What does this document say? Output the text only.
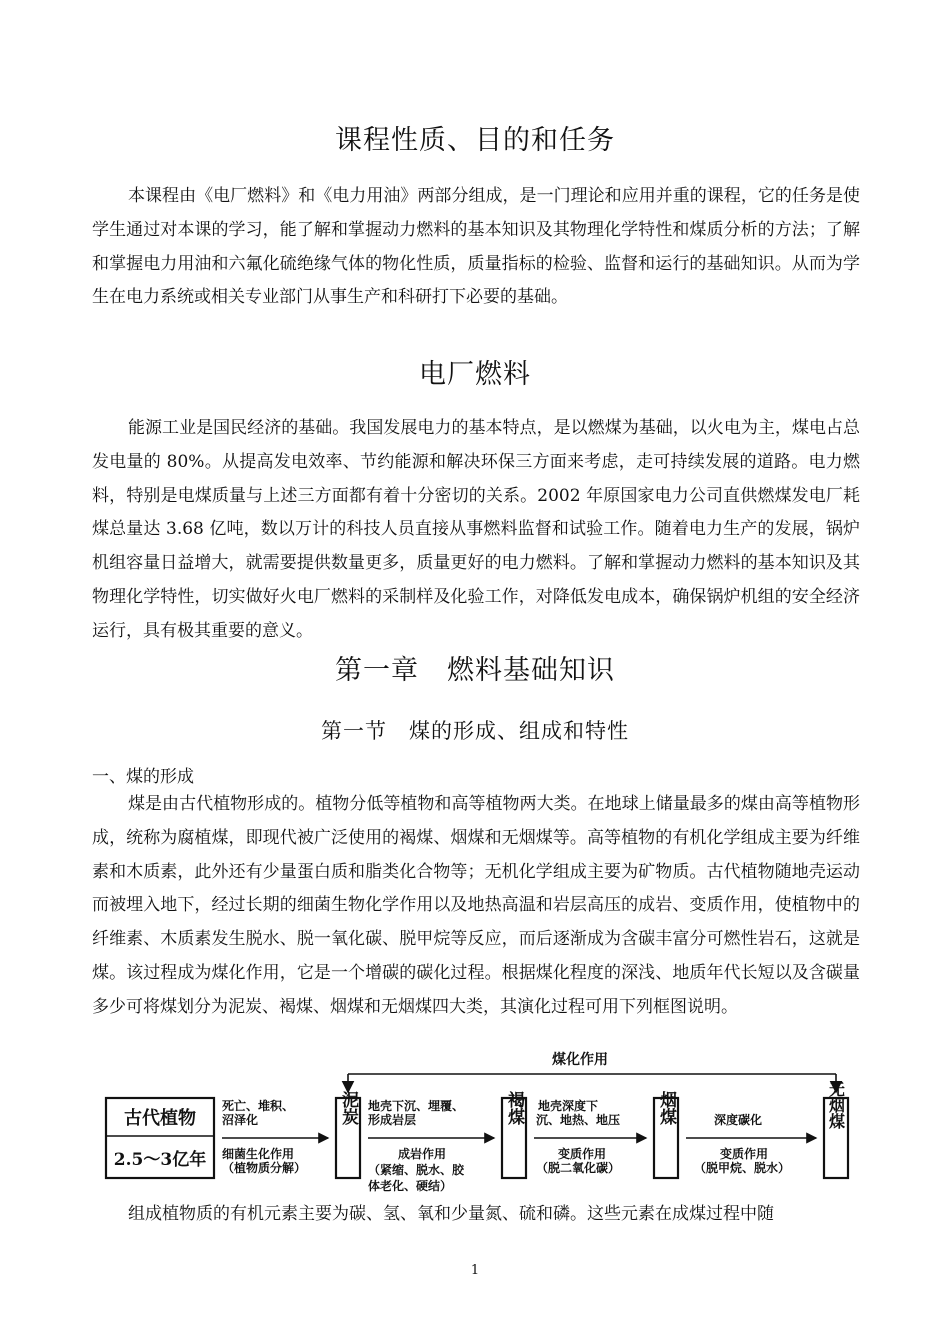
课程性质、目的和任务

本课程由《电厂燃料》和《电力用油》两部分组成，是一门理论和应用并重的课程，它的任务是使学生通过对本课的学习，能了解和掌握动力燃料的基本知识及其物理化学特性和煤质分析的方法；了解和掌握电力用油和六氟化硫绝缘气体的物化性质，质量指标的检验、监督和运行的基础知识。从而为学生在电力系统或相关专业部门从事生产和科研打下必要的基础。

电厂燃料

能源工业是国民经济的基础。我国发展电力的基本特点，是以燃煤为基础，以火电为主，煤电占总发电量的 80%。从提高发电效率、节约能源和解决环保三方面来考虑，走可持续发展的道路。电力燃料，特别是电煤质量与上述三方面都有着十分密切的关系。2002 年原国家电力公司直供燃煤发电厂耗煤总量达 3.68 亿吨，数以万计的科技人员直接从事燃料监督和试验工作。随着电力生产的发展，锅炉机组容量日益增大，就需要提供数量更多，质量更好的电力燃料。了解和掌握动力燃料的基本知识及其物理化学特性，切实做好火电厂燃料的采制样及化验工作，对降低发电成本，确保锅炉机组的安全经济运行，具有极其重要的意义。

第一章　燃料基础知识
第一节　煤的形成、组成和特性
一、煤的形成

煤是由古代植物形成的。植物分低等植物和高等植物两大类。在地球上储量最多的煤由高等植物形成，统称为腐植煤，即现代被广泛使用的褐煤、烟煤和无烟煤等。高等植物的有机化学组成主要为纤维素和木质素，此外还有少量蛋白质和脂类化合物等；无机化学组成主要为矿物质。古代植物随地壳运动而被埋入地下，经过长期的细菌生物化学作用以及地热高温和岩层高压的成岩、变质作用，使植物中的纤维素、木质素发生脱水、脱一氧化碳、脱甲烷等反应，而后逐渐成为含碳丰富分可燃性岩石，这就是煤。该过程成为煤化作用，它是一个增碳的碳化过程。根据煤化程度的深浅、地质年代长短以及含碳量多少可将煤划分为泥炭、褐煤、烟煤和无烟煤四大类，其演化过程可用下列框图说明。

煤化作用
古代植物
2.5～3亿年
死亡、堆积、
沼泽化
细菌生化作用
（植物质分解）
泥炭 地壳下沉、埋覆、
形成岩层
成岩作用
（紧缩、脱水、胶
体老化、硬结）
褐煤 地壳深度下
沉、地热、地压
变质作用
（脱二氧化碳）
烟煤	深度碳化
变质作用
（脱甲烷、脱水）
无烟煤

组成植物质的有机元素主要为碳、氢、氧和少量氮、硫和磷。这些元素在成煤过程中随

1
